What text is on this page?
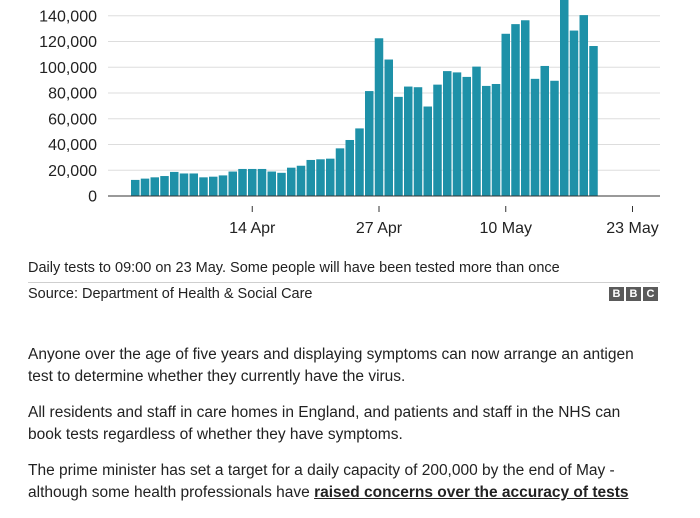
0
20,000
40,000
60,000
80,000
100,000
120,000
140,000
14 Apr	27 Apr	10 May	23 May
Daily tests to 09:00 on 23 May. Some people will have been tested more than once
Source: Department of Health & Social Care	B B C

Anyone over the age of five years and displaying symptoms can now arrange an antigen test to determine whether they currently have the virus.

All residents and staff in care homes in England, and patients and staff in the NHS can book tests regardless of whether they have symptoms.

The prime minister has set a target for a daily capacity of 200,000 by the end of May - although some health professionals have raised concerns over the accuracy of tests
